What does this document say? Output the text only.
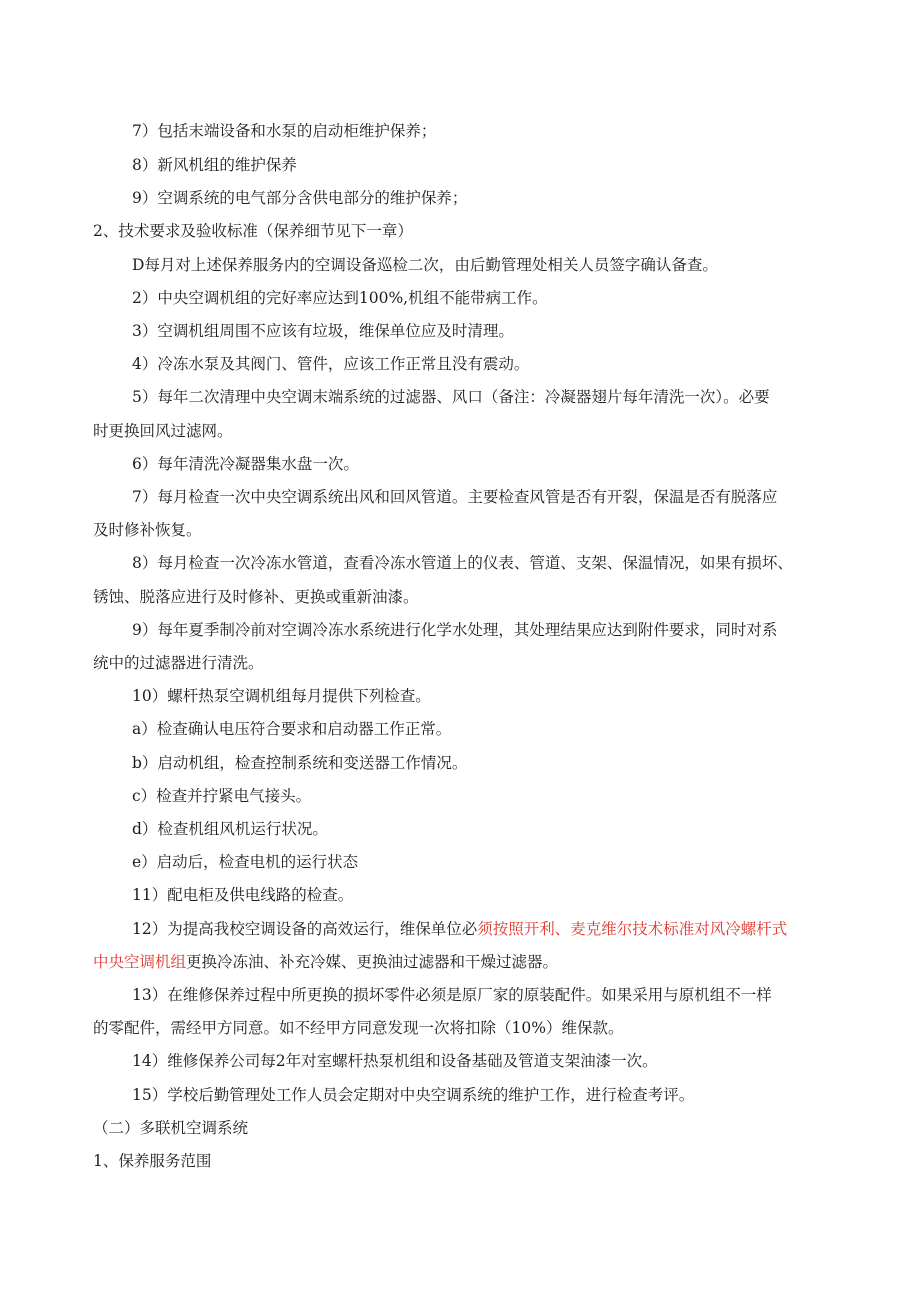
7）包括末端设备和水泵的启动柜维护保养；
8）新风机组的维护保养
9）空调系统的电气部分含供电部分的维护保养；
2、技术要求及验收标准（保养细节见下一章）
D每月对上述保养服务内的空调设备巡检二次，由后勤管理处相关人员签字确认备查。
2）中央空调机组的完好率应达到100%,机组不能带病工作。
3）空调机组周围不应该有垃圾，维保单位应及时清理。
4）冷冻水泵及其阀门、管件，应该工作正常且没有震动。
5）每年二次清理中央空调末端系统的过滤器、风口（备注：冷凝器翅片每年清洗一次）。必要
时更换回风过滤网。
6）每年清洗冷凝器集水盘一次。
7）每月检查一次中央空调系统出风和回风管道。主要检查风管是否有开裂，保温是否有脱落应
及时修补恢复。
8）每月检查一次冷冻水管道，查看冷冻水管道上的仪表、管道、支架、保温情况，如果有损坏、
锈蚀、脱落应进行及时修补、更换或重新油漆。
9）每年夏季制冷前对空调冷冻水系统进行化学水处理，其处理结果应达到附件要求，同时对系
统中的过滤器进行清洗。
10）螺杆热泵空调机组每月提供下列检查。
a）检查确认电压符合要求和启动器工作正常。
b）启动机组，检查控制系统和变送器工作情况。
c）检查并拧紧电气接头。
d）检查机组风机运行状况。
e）启动后，检查电机的运行状态
11）配电柜及供电线路的检查。
12）为提高我校空调设备的高效运行，维保单位必须按照开利、麦克维尔技术标准对风冷螺杆式
中央空调机组更换冷冻油、补充冷媒、更换油过滤器和干燥过滤器。
13）在维修保养过程中所更换的损坏零件必须是原厂家的原装配件。如果采用与原机组不一样
的零配件，需经甲方同意。如不经甲方同意发现一次将扣除（10%）维保款。
14）维修保养公司每2年对室螺杆热泵机组和设备基础及管道支架油漆一次。
15）学校后勤管理处工作人员会定期对中央空调系统的维护工作，进行检查考评。
（二）多联机空调系统
1、保养服务范围
